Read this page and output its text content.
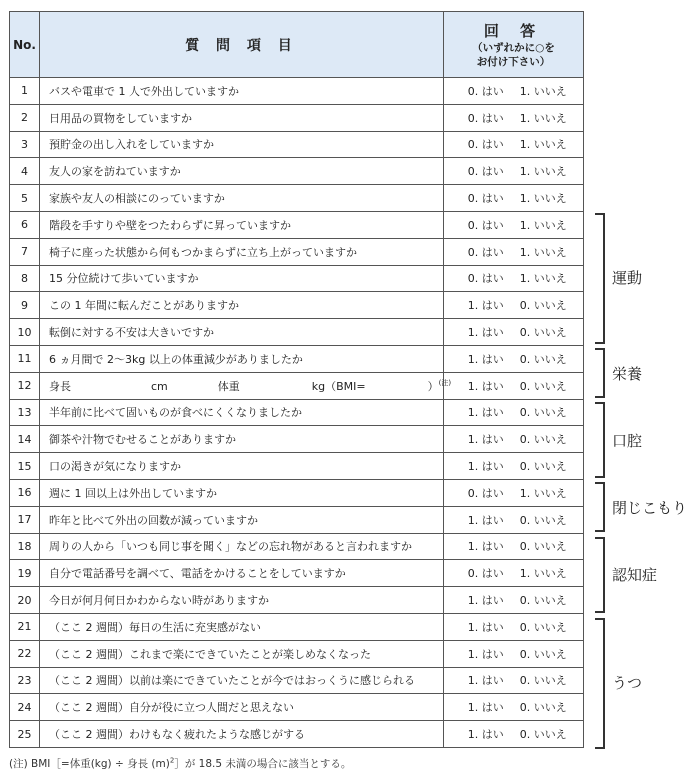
No.	質 問 項 目	回 答
（いずれかに○を
お付け下さい）	

1	バスや電車で 1 人で外出していますか	0. はい	1. いいえ
2	日用品の買物をしていますか	0. はい	1. いいえ
3	預貯金の出し入れをしていますか	0. はい	1. いいえ
4	友人の家を訪ねていますか	0. はい	1. いいえ
5	家族や友人の相談にのっていますか	0. はい	1. いいえ
6	階段を手すりや壁をつたわらずに昇っていますか	0. はい	1. いいえ
7	椅子に座った状態から何もつかまらずに立ち上がっていますか	0. はい	1. いいえ
8	15 分位続けて歩いていますか	0. はい	1. いいえ
9	この 1 年間に転んだことがありますか	1. はい	0. いいえ
10	転倒に対する不安は大きいですか	1. はい	0. いいえ
11	6 ヵ月間で 2～3kg 以上の体重減少がありましたか	1. はい	0. いいえ
12	身長 cm 体重 kg（BMI= ）(注)	1. はい	0. いいえ
13	半年前に比べて固いものが食べにくくなりましたか	1. はい	0. いいえ
14	御茶や汁物でむせることがありますか	1. はい	0. いいえ
15	口の渇きが気になりますか	1. はい	0. いいえ
16	週に 1 回以上は外出していますか	0. はい	1. いいえ
17	昨年と比べて外出の回数が減っていますか	1. はい	0. いいえ
18	周りの人から「いつも同じ事を聞く」などの忘れ物があると言われますか	1. はい	0. いいえ
19	自分で電話番号を調べて、電話をかけることをしていますか	0. はい	1. いいえ
20	今日が何月何日かわからない時がありますか	1. はい	0. いいえ
21	（ここ 2 週間）毎日の生活に充実感がない	1. はい	0. いいえ
22	（ここ 2 週間）これまで楽にできていたことが楽しめなくなった	1. はい	0. いいえ
23	（ここ 2 週間）以前は楽にできていたことが今ではおっくうに感じられる	1. はい	0. いいえ
24	（ここ 2 週間）自分が役に立つ人間だと思えない	1. はい	0. いいえ
25	（ここ 2 週間）わけもなく疲れたような感じがする	1. はい	0. いいえ
運動
栄養
口腔
閉じこもり
認知症
うつ
(注) BMI［=体重(kg) ÷ 身長 $(m)^2]$が 18.5 未満の場合に該当とする。
